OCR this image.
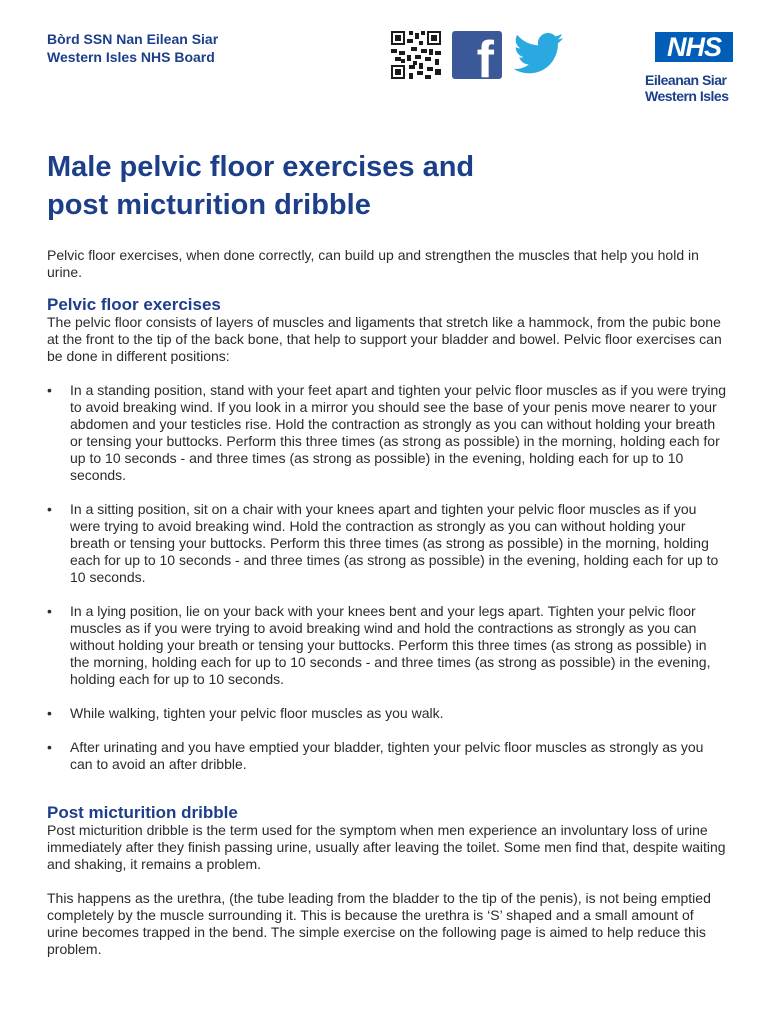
Bòrd SSN Nan Eilean Siar
Western Isles NHS Board	f	NHS
Eileanan Siar
Western Isles
Male pelvic floor exercises and
post micturition dribble

Pelvic floor exercises, when done correctly, can build up and strengthen the muscles that help you hold in urine.

Pelvic floor exercises

The pelvic floor consists of layers of muscles and ligaments that stretch like a hammock, from the pubic bone at the front to the tip of the back bone, that help to support your bladder and bowel. Pelvic floor exercises can be done in different positions:

• In a standing position, stand with your feet apart and tighten your pelvic floor muscles as if you were trying to avoid breaking wind. If you look in a mirror you should see the base of your penis move nearer to your abdomen and your testicles rise. Hold the contraction as strongly as you can without holding your breath or tensing your buttocks. Perform this three times (as strong as possible) in the morning, holding each for up to 10 seconds - and three times (as strong as possible) in the evening, holding each for up to 10 seconds.
• In a sitting position, sit on a chair with your knees apart and tighten your pelvic floor muscles as if you were trying to avoid breaking wind. Hold the contraction as strongly as you can without holding your breath or tensing your buttocks. Perform this three times (as strong as possible) in the morning, holding each for up to 10 seconds - and three times (as strong as possible) in the evening, holding each for up to 10 seconds.
• In a lying position, lie on your back with your knees bent and your legs apart. Tighten your pelvic floor muscles as if you were trying to avoid breaking wind and hold the contractions as strongly as you can without holding your breath or tensing your buttocks. Perform this three times (as strong as possible) in the morning, holding each for up to 10 seconds - and three times (as strong as possible) in the evening, holding each for up to 10 seconds.
• While walking, tighten your pelvic floor muscles as you walk.
• After urinating and you have emptied your bladder, tighten your pelvic floor muscles as strongly as you can to avoid an after dribble.
Post micturition dribble

Post micturition dribble is the term used for the symptom when men experience an involuntary loss of urine immediately after they finish passing urine, usually after leaving the toilet. Some men find that, despite waiting and shaking, it remains a problem.

This happens as the urethra, (the tube leading from the bladder to the tip of the penis), is not being emptied completely by the muscle surrounding it. This is because the urethra is ‘S’ shaped and a small amount of urine becomes trapped in the bend. The simple exercise on the following page is aimed to help reduce this problem.
